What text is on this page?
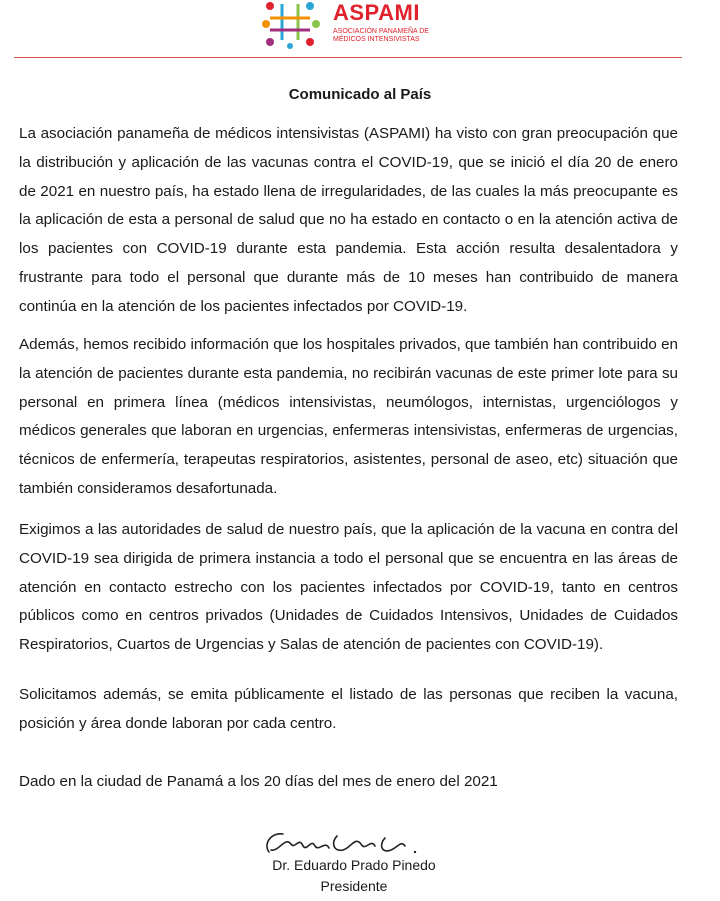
ASPAMI
ASOCIACIÓN PANAMEÑA DE MÉDICOS INTENSIVISTAS
Comunicado al País

La asociación panameña de médicos intensivistas (ASPAMI) ha visto con gran preocupación que la distribución y aplicación de las vacunas contra el COVID-19, que se inició el día 20 de enero de 2021 en nuestro país, ha estado llena de irregularidades, de las cuales la más preocupante es la aplicación de esta a personal de salud que no ha estado en contacto o en la atención activa de los pacientes con COVID-19 durante esta pandemia. Esta acción resulta desalentadora y frustrante para todo el personal que durante más de 10 meses han contribuido de manera continúa en la atención de los pacientes infectados por COVID-19.

Además, hemos recibido información que los hospitales privados, que también han contribuido en la atención de pacientes durante esta pandemia, no recibirán vacunas de este primer lote para su personal en primera línea (médicos intensivistas, neumólogos, internistas, urgenciólogos y médicos generales que laboran en urgencias, enfermeras intensivistas, enfermeras de urgencias, técnicos de enfermería, terapeutas respiratorios, asistentes, personal de aseo, etc) situación que también consideramos desafortunada.

Exigimos a las autoridades de salud de nuestro país, que la aplicación de la vacuna en contra del COVID-19 sea dirigida de primera instancia a todo el personal que se encuentra en las áreas de atención en contacto estrecho con los pacientes infectados por COVID-19, tanto en centros públicos como en centros privados (Unidades de Cuidados Intensivos, Unidades de Cuidados Respiratorios, Cuartos de Urgencias y Salas de atención de pacientes con COVID-19).

Solicitamos además, se emita públicamente el listado de las personas que reciben la vacuna, posición y área donde laboran por cada centro.

Dado en la ciudad de Panamá a los 20 días del mes de enero del 2021

Dr. Eduardo Prado Pinedo
Presidente
